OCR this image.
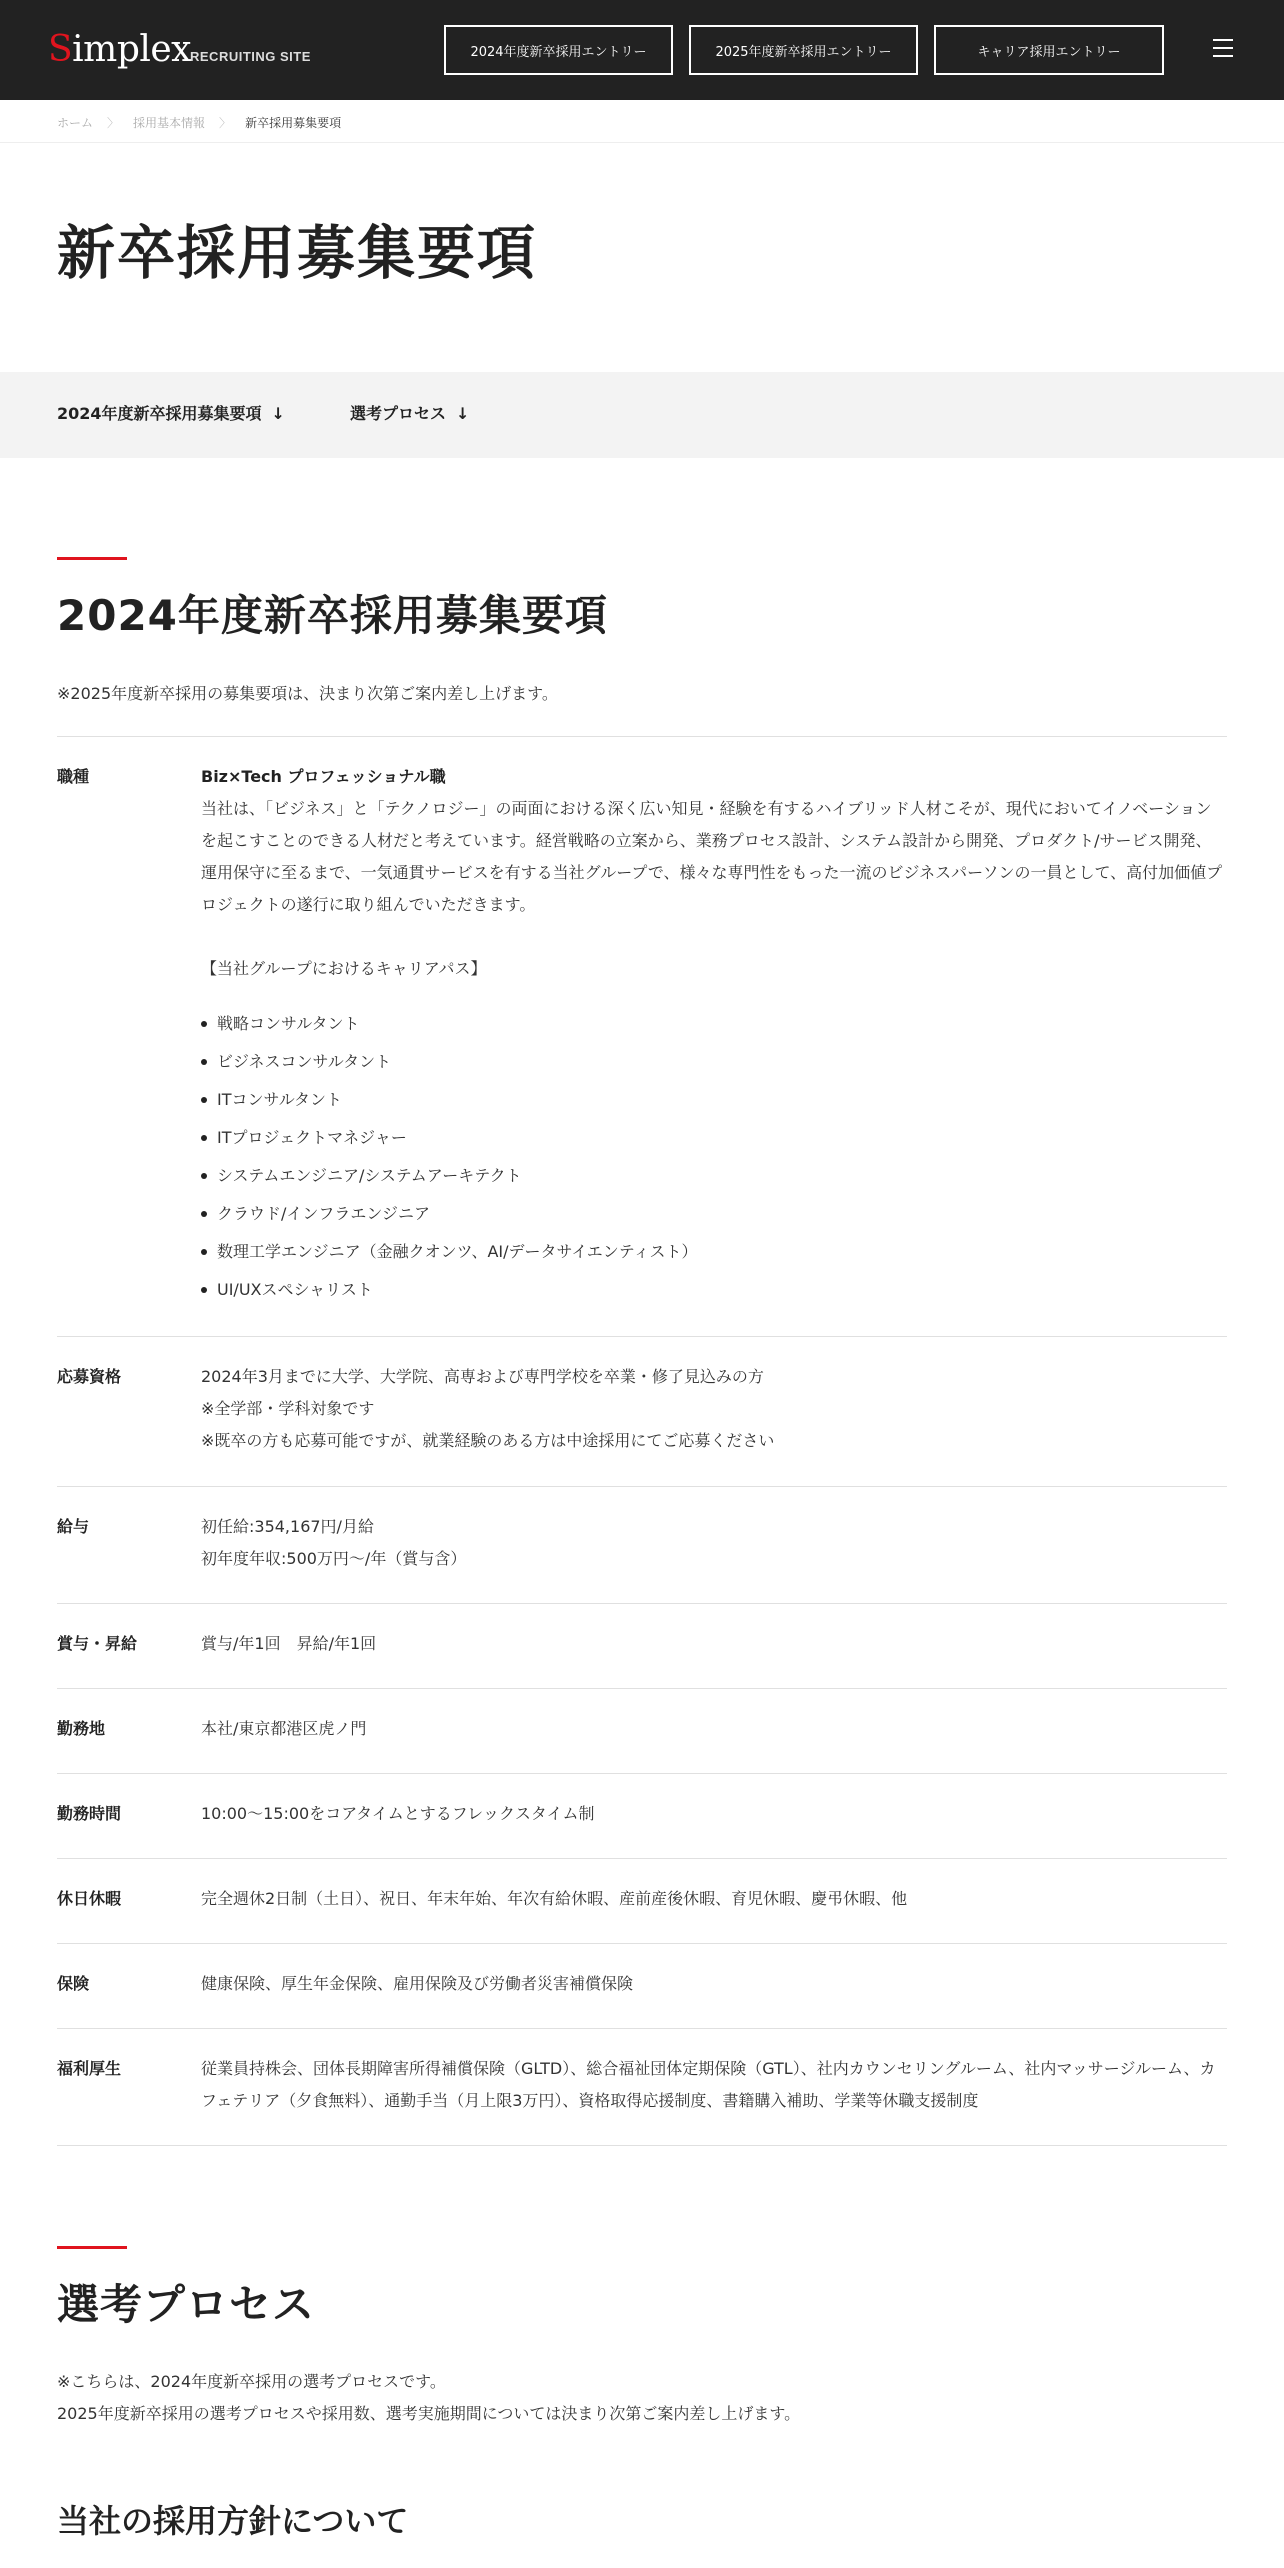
Simplex RECRUITING SITE	2024年度新卒採用エントリー	2025年度新卒採用エントリー	キャリア採用エントリー
ホーム 〉 採用基本情報 〉 新卒採用募集要項
新卒採用募集要項
2024年度新卒採用募集要項 ↓	選考プロセス ↓
2024年度新卒採用募集要項

※2025年度新卒採用の募集要項は、決まり次第ご案内差し上げます。

職種	Biz×Tech プロフェッショナル職
当社は、「ビジネス」と「テクノロジー」の両面における深く広い知見・経験を有するハイブリッド人材こそが、現代においてイノベーションを起こすことのできる人材だと考えています。経営戦略の立案から、業務プロセス設計、システム設計から開発、プロダクト/サービス開発、運用保守に至るまで、一気通貫サービスを有する当社グループで、様々な専門性をもった一流のビジネスパーソンの一員として、高付加価値プロジェクトの遂行に取り組んでいただきます。
【当社グループにおけるキャリアパス】
戦略コンサルタント
ビジネスコンサルタント
ITコンサルタント
ITプロジェクトマネジャー
システムエンジニア/システムアーキテクト
クラウド/インフラエンジニア
数理工学エンジニア（金融クオンツ、AI/データサイエンティスト）
UI/UXスペシャリスト
応募資格	2024年3月までに大学、大学院、高専および専門学校を卒業・修了見込みの方
※全学部・学科対象です
※既卒の方も応募可能ですが、就業経験のある方は中途採用にてご応募ください
給与	初任給:354,167円/月給
初年度年収:500万円〜/年（賞与含）
賞与・昇給	賞与/年1回　昇給/年1回
勤務地	本社/東京都港区虎ノ門
勤務時間	10:00〜15:00をコアタイムとするフレックスタイム制
休日休暇	完全週休2日制（土日）、祝日、年末年始、年次有給休暇、産前産後休暇、育児休暇、慶弔休暇、他
保険	健康保険、厚生年金保険、雇用保険及び労働者災害補償保険
福利厚生	従業員持株会、団体長期障害所得補償保険（GLTD）、総合福祉団体定期保険（GTL）、社内カウンセリングルーム、社内マッサージルーム、カフェテリア（夕食無料）、通勤手当（月上限3万円）、資格取得応援制度、書籍購入補助、学業等休職支援制度
選考プロセス

※こちらは、2024年度新卒採用の選考プロセスです。

2025年度新卒採用の選考プロセスや採用数、選考実施期間については決まり次第ご案内差し上げます。

当社の採用方針について
